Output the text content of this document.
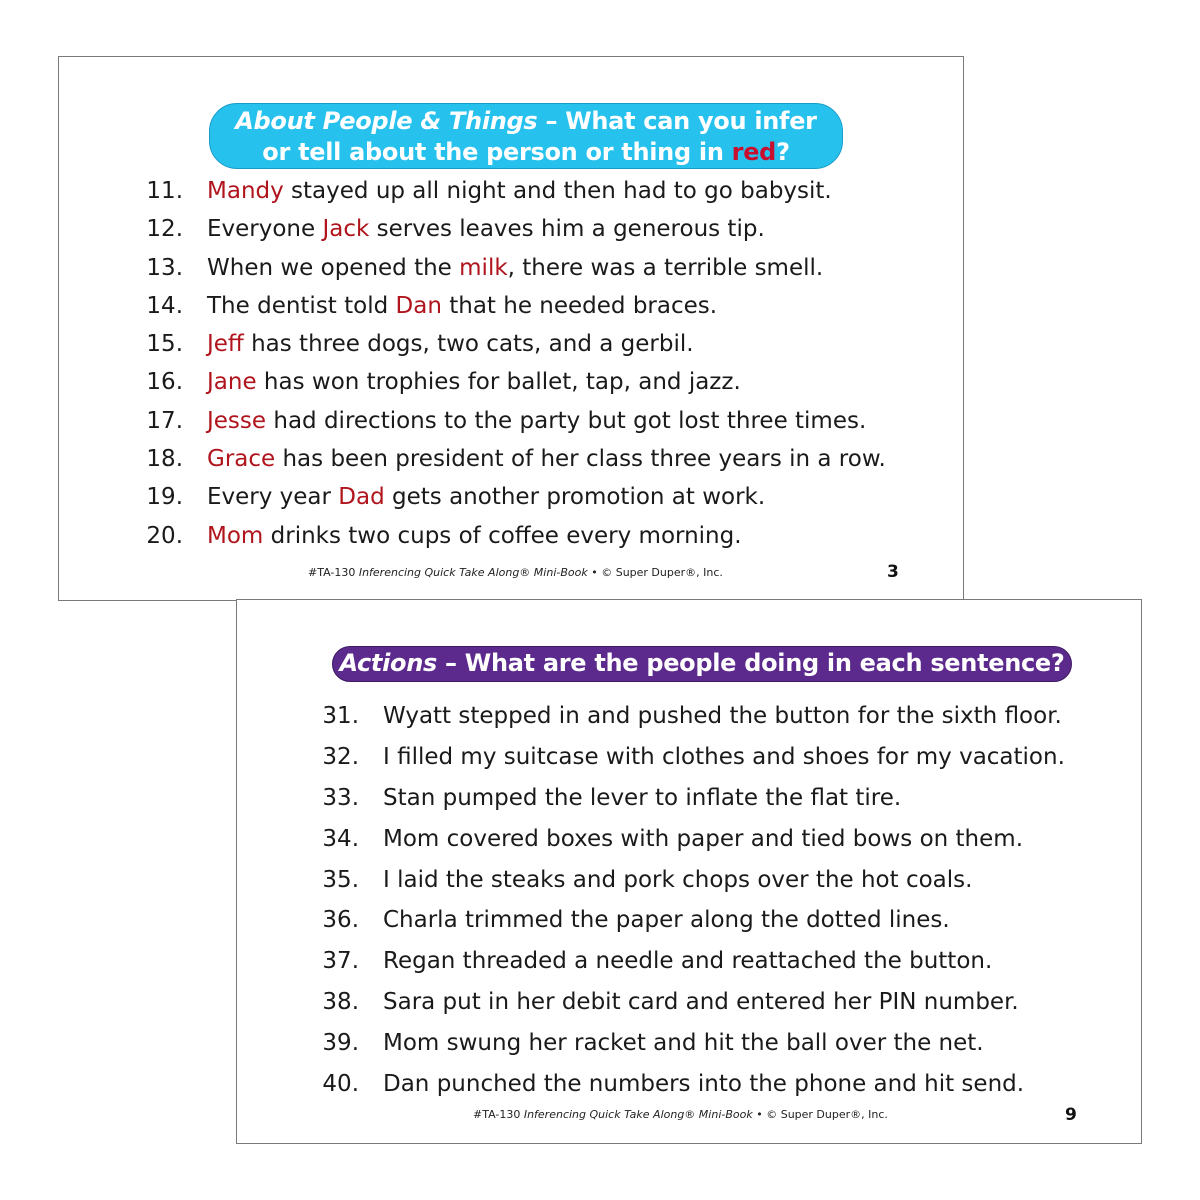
About People & Things – What can you infer
or tell about the person or thing in red?
11. Mandy stayed up all night and then had to go babysit.
12. Everyone Jack serves leaves him a generous tip.
13. When we opened the milk, there was a terrible smell.
14. The dentist told Dan that he needed braces.
15. Jeff has three dogs, two cats, and a gerbil.
16. Jane has won trophies for ballet, tap, and jazz.
17. Jesse had directions to the party but got lost three times.
18. Grace has been president of her class three years in a row.
19. Every year Dad gets another promotion at work.
20. Mom drinks two cups of coffee every morning.
#TA-130 Inferencing Quick Take Along® Mini-Book • © Super Duper®, Inc.	3
Actions – What are the people doing in each sentence?
31. Wyatt stepped in and pushed the button for the sixth floor.
32. I filled my suitcase with clothes and shoes for my vacation.
33. Stan pumped the lever to inflate the flat tire.
34. Mom covered boxes with paper and tied bows on them.
35. I laid the steaks and pork chops over the hot coals.
36. Charla trimmed the paper along the dotted lines.
37. Regan threaded a needle and reattached the button.
38. Sara put in her debit card and entered her PIN number.
39. Mom swung her racket and hit the ball over the net.
40. Dan punched the numbers into the phone and hit send.
#TA-130 Inferencing Quick Take Along® Mini-Book • © Super Duper®, Inc.	9
